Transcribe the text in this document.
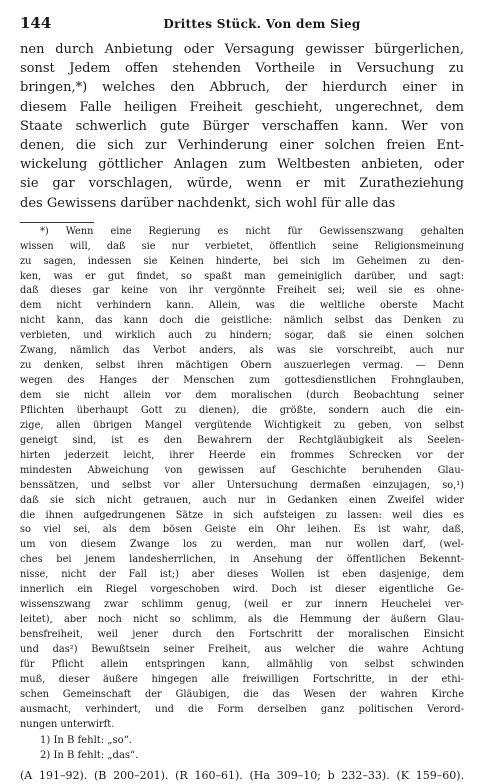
144	Drittes Stück. Von dem Sieg
nen durch Anbietung oder Versagung gewisser bürgerlichen,
sonst Jedem offen stehenden Vortheile in Versuchung zu
bringen,*) welches den Abbruch, der hierdurch einer in
diesem Falle heiligen Freiheit geschieht, ungerechnet, dem
Staate schwerlich gute Bürger verschaffen kann. Wer von
denen, die sich zur Verhinderung einer solchen freien Ent-
wickelung göttlicher Anlagen zum Weltbesten anbieten, oder
sie gar vorschlagen, würde, wenn er mit Zuratheziehung
des Gewissens darüber nachdenkt, sich wohl für alle das
*) Wenn eine Regierung es nicht für Gewissenszwang gehalten
wissen will, daß sie nur verbietet, öffentlich seine Religionsmeinung
zu sagen, indessen sie Keinen hinderte, bei sich im Geheimen zu den-
ken, was er gut findet, so spaßt man gemeiniglich darüber, und sagt:
daß dieses gar keine von ihr vergönnte Freiheit sei; weil sie es ohne-
dem nicht verhindern kann. Allein, was die weltliche oberste Macht
nicht kann, das kann doch die geistliche: nämlich selbst das Denken zu
verbieten, und wirklich auch zu hindern; sogar, daß sie einen solchen
Zwang, nämlich das Verbot anders, als was sie vorschreibt, auch nur
zu denken, selbst ihren mächtigen Obern auszuerlegen vermag. — Denn
wegen des Hanges der Menschen zum gottesdienstlichen Frohnglauben,
dem sie nicht allein vor dem moralischen (durch Beobachtung seiner
Pflichten überhaupt Gott zu dienen), die größte, sondern auch die ein-
zige, allen übrigen Mangel vergütende Wichtigkeit zu geben, von selbst
geneigt sind, ist es den Bewahrern der Rechtgläubigkeit als Seelen-
hirten jederzeit leicht, ihrer Heerde ein frommes Schrecken vor der
mindesten Abweichung von gewissen auf Geschichte beruhenden Glau-
benssätzen, und selbst vor aller Untersuchung dermaßen einzujagen, so,¹)
daß sie sich nicht getrauen, auch nur in Gedanken einen Zweifel wider
die ihnen aufgedrungenen Sätze in sich aufsteigen zu lassen: weil dies es
so viel sei, als dem bösen Geiste ein Ohr leihen. Es ist wahr, daß,
um von diesem Zwange los zu werden, man nur wollen darf, (wel-
ches bei jenem landesherrlichen, in Ansehung der öffentlichen Bekennt-
nisse, nicht der Fall ist;) aber dieses Wollen ist eben dasjenige, dem
innerlich ein Riegel vorgeschoben wird. Doch ist dieser eigentliche Ge-
wissenszwang zwar schlimm genug, (weil er zur innern Heuchelei ver-
leitet), aber noch nicht so schlimm, als die Hemmung der äußern Glau-
bensfreiheit, weil jener durch den Fortschritt der moralischen Einsicht
und das²) Bewußtsein seiner Freiheit, aus welcher die wahre Achtung
für Pflicht allein entspringen kann, allmählig von selbst schwinden
muß, dieser äußere hingegen alle freiwilligen Fortschritte, in der ethi-
schen Gemeinschaft der Gläubigen, die das Wesen der wahren Kirche
ausmacht, verhindert, und die Form derselben ganz politischen Verord-
nungen unterwirft.
1) In B fehlt: „so“.
2) In B fehlt: „das“.
(A 191–92). (B 200–201). (R 160–61). (Ha 309–10; b 232–33). (K 159–60).
